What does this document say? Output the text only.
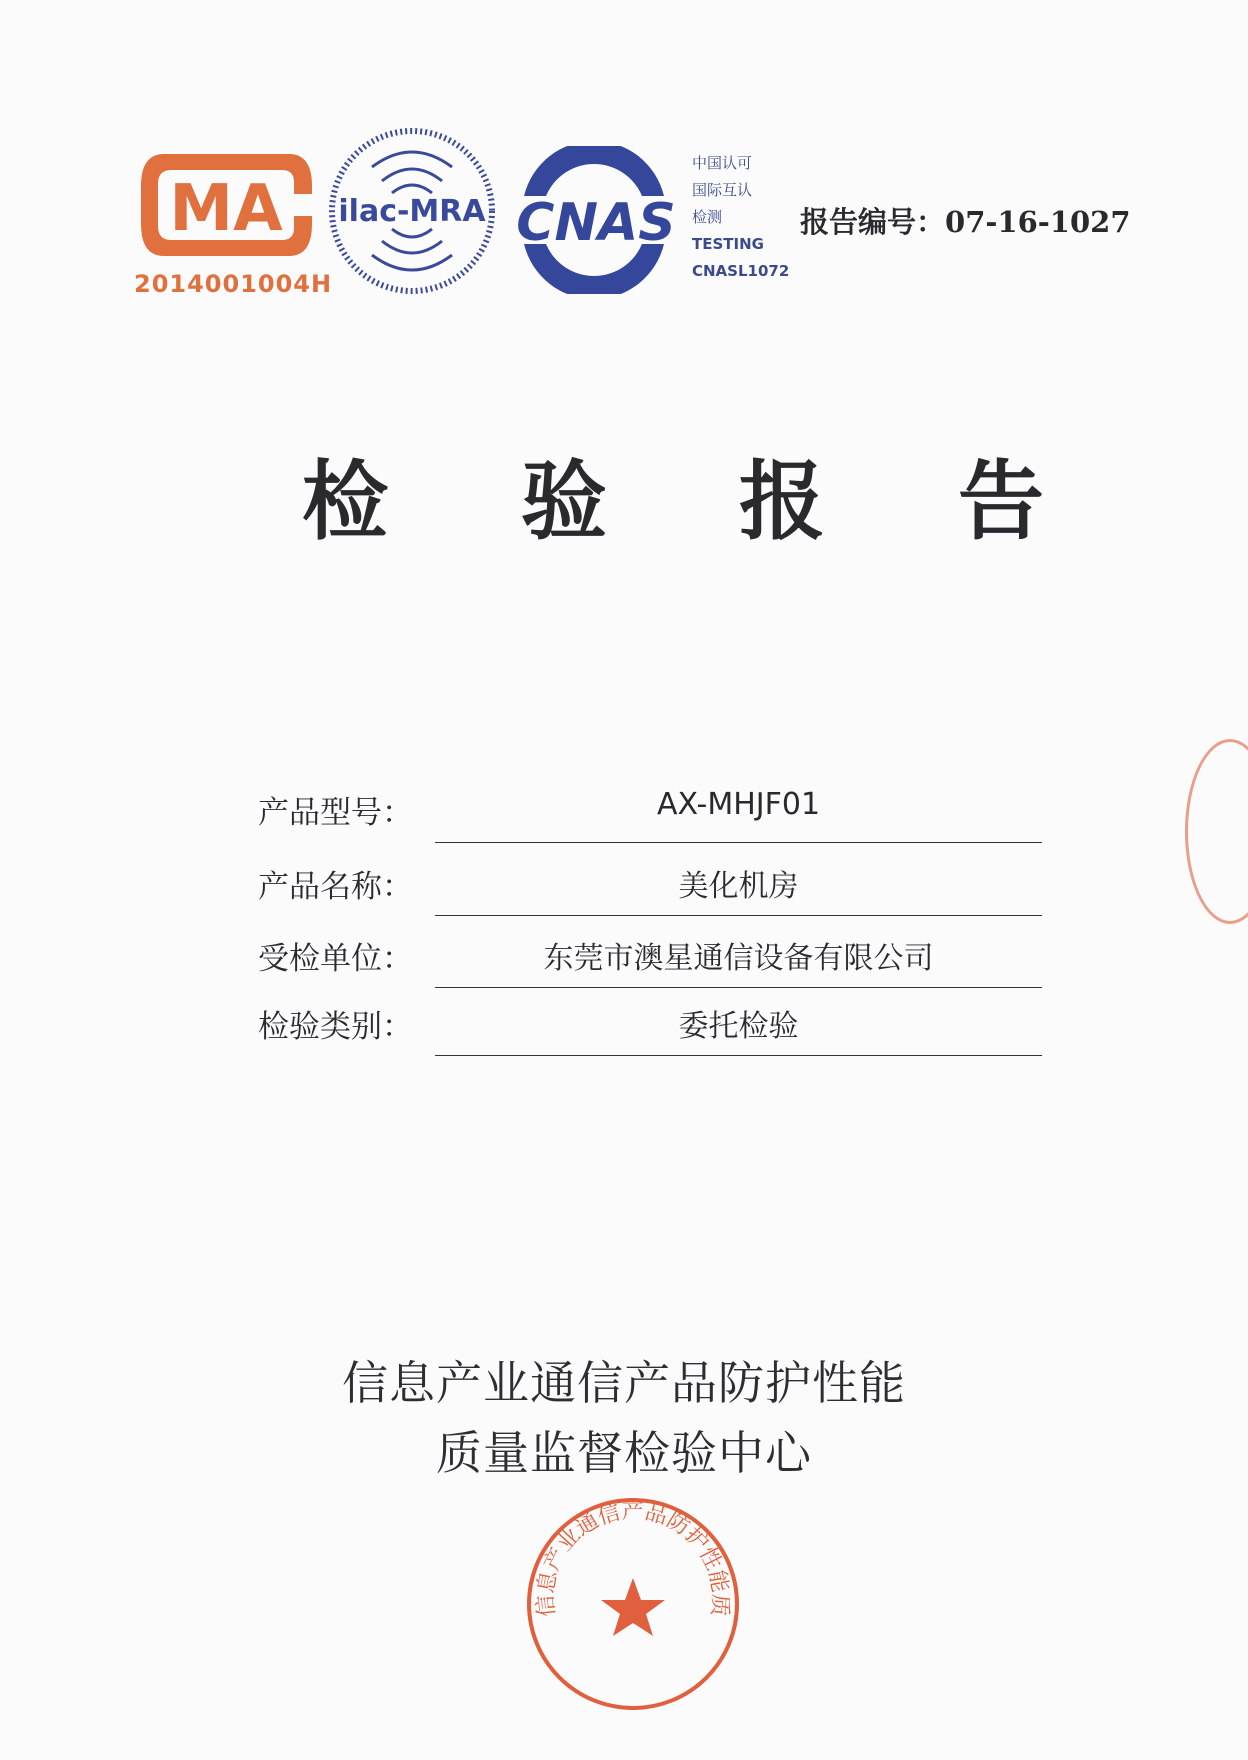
MA
2014001004H
ilac-MRA CNAS
中国认可
国际互认
检测
TESTING
CNASL1072
报告编号：07-16-1027
检 验 报 告
产品型号：	AX-MHJF01
产品名称：	美化机房
受检单位：	东莞市澳星通信设备有限公司
检验类别：	委托检验
信息产业通信产品防护性能
质量监督检验中心
信息产业通信产品防护性能质
